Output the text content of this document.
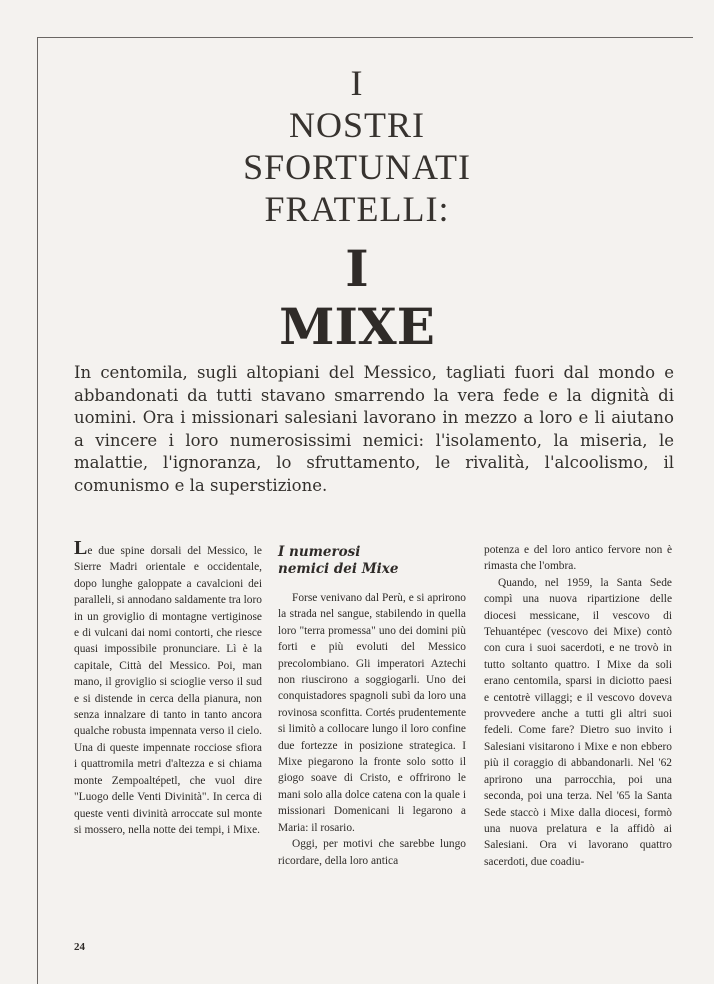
I
NOSTRI
SFORTUNATI
FRATELLI:
I
MIXE
In centomila, sugli altopiani del Messico, tagliati fuori dal mondo e abbandonati da tutti stavano smarrendo la vera fede e la dignità di uomini. Ora i missionari salesiani lavorano in mezzo a loro e li aiutano a vincere i loro numerosissimi nemici: l'isolamento, la miseria, le malattie, l'ignoranza, lo sfruttamento, le rivalità, l'alcoolismo, il comunismo e la superstizione.

Le due spine dorsali del Messico, le Sierre Madri orientale e occidentale, dopo lunghe galoppate a cavalcioni dei paralleli, si annodano saldamente tra loro in un groviglio di montagne vertiginose e di vulcani dai nomi contorti, che riesce quasi impossibile pronunciare. Lì è la capitale, Città del Messico. Poi, man mano, il groviglio si scioglie verso il sud e si distende in cerca della pianura, non senza innalzare di tanto in tanto ancora qualche robusta impennata verso il cielo. Una di queste impennate rocciose sfiora i quattromila metri d'altezza e si chiama monte Zempoaltépetl, che vuol dire "Luogo delle Venti Divinità". In cerca di queste venti divinità arroccate sul monte si mossero, nella notte dei tempi, i Mixe.

I numerosi
nemici dei Mixe

Forse venivano dal Perù, e si aprirono la strada nel sangue, stabilendo in quella loro "terra promessa" uno dei domini più forti e più evoluti del Messico precolombiano. Gli imperatori Aztechi non riuscirono a soggiogarli. Uno dei conquistadores spagnoli subì da loro una rovinosa sconfitta. Cortés prudentemente si limitò a collocare lungo il loro confine due fortezze in posizione strategica. I Mixe piegarono la fronte solo sotto il giogo soave di Cristo, e offrirono le mani solo alla dolce catena con la quale i missionari Domenicani li legarono a Maria: il rosario.

Oggi, per motivi che sarebbe lungo ricordare, della loro antica

potenza e del loro antico fervore non è rimasta che l'ombra.

Quando, nel 1959, la Santa Sede compì una nuova ripartizione delle diocesi messicane, il vescovo di Tehuantépec (vescovo dei Mixe) contò con cura i suoi sacerdoti, e ne trovò in tutto soltanto quattro. I Mixe da soli erano centomila, sparsi in diciotto paesi e centotrè villaggi; e il vescovo doveva provvedere anche a tutti gli altri suoi fedeli. Come fare? Dietro suo invito i Salesiani visitarono i Mixe e non ebbero più il coraggio di abbandonarli. Nel '62 aprirono una parrocchia, poi una seconda, poi una terza. Nel '65 la Santa Sede staccò i Mixe dalla diocesi, formò una nuova prelatura e la affidò ai Salesiani. Ora vi lavorano quattro sacerdoti, due coadiu-

24
